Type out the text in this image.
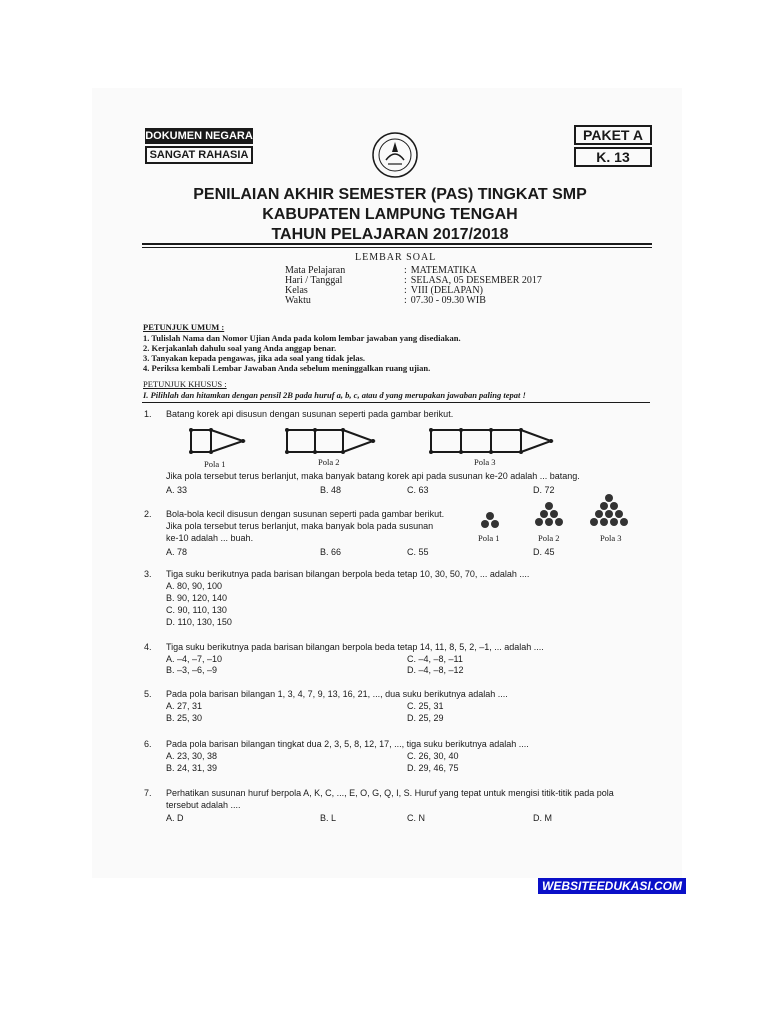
DOKUMEN NEGARA
SANGAT RAHASIA
PAKET A
K. 13
PENILAIAN AKHIR SEMESTER (PAS) TINGKAT SMP
KABUPATEN LAMPUNG TENGAH
TAHUN PELAJARAN 2017/2018
LEMBAR SOAL
Mata Pelajaran	:	MATEMATIKA
Hari / Tanggal	:	SELASA, 05 DESEMBER 2017
Kelas	:	VIII (DELAPAN)
Waktu	:	07.30 - 09.30 WIB
PETUNJUK UMUM :
1. Tulislah Nama dan Nomor Ujian Anda pada kolom lembar jawaban yang disediakan.
2. Kerjakanlah dahulu soal yang Anda anggap benar.
3. Tanyakan kepada pengawas, jika ada soal yang tidak jelas.
4. Periksa kembali Lembar Jawaban Anda sebelum meninggalkan ruang ujian.
PETUNJUK KHUSUS :
I. Pilihlah dan hitamkan dengan pensil 2B pada huruf a, b, c, atau d yang merupakan jawaban paling tepat !
1. Batang korek api disusun dengan susunan seperti pada gambar berikut.
Pola 1	Pola 2	Pola 3
Jika pola tersebut terus berlanjut, maka banyak batang korek api pada susunan ke-20 adalah ... batang.
A. 33	B. 48	C. 63	D. 72
2. Bola-bola kecil disusun dengan susunan seperti pada gambar berikut.
Jika pola tersebut terus berlanjut, maka banyak bola pada susunan
ke-10 adalah ... buah.	Pola 1	Pola 2	Pola 3
A. 78	B. 66	C. 55	D. 45
3. Tiga suku berikutnya pada barisan bilangan berpola beda tetap 10, 30, 50, 70, ... adalah ....
A. 80, 90, 100
B. 90, 120, 140
C. 90, 110, 130
D. 110, 130, 150
4. Tiga suku berikutnya pada barisan bilangan berpola beda tetap 14, 11, 8, 5, 2, –1, ... adalah ....
A. –4, –7, –10
B. –3, –6, –9
C. –4, –8, –11
D. –4, –8, –12
5. Pada pola barisan bilangan 1, 3, 4, 7, 9, 13, 16, 21, ..., dua suku berikutnya adalah ....
A. 27, 31
B. 25, 30
C. 25, 31
D. 25, 29
6. Pada pola barisan bilangan tingkat dua 2, 3, 5, 8, 12, 17, ..., tiga suku berikutnya adalah ....
A. 23, 30, 38
B. 24, 31, 39
C. 26, 30, 40
D. 29, 46, 75
7. Perhatikan susunan huruf berpola A, K, C, ..., E, O, G, Q, I, S. Huruf yang tepat untuk mengisi titik-titik pada pola
tersebut adalah ....
A. D	B. L	C. N	D. M
WEBSITEEDUKASI.COM
